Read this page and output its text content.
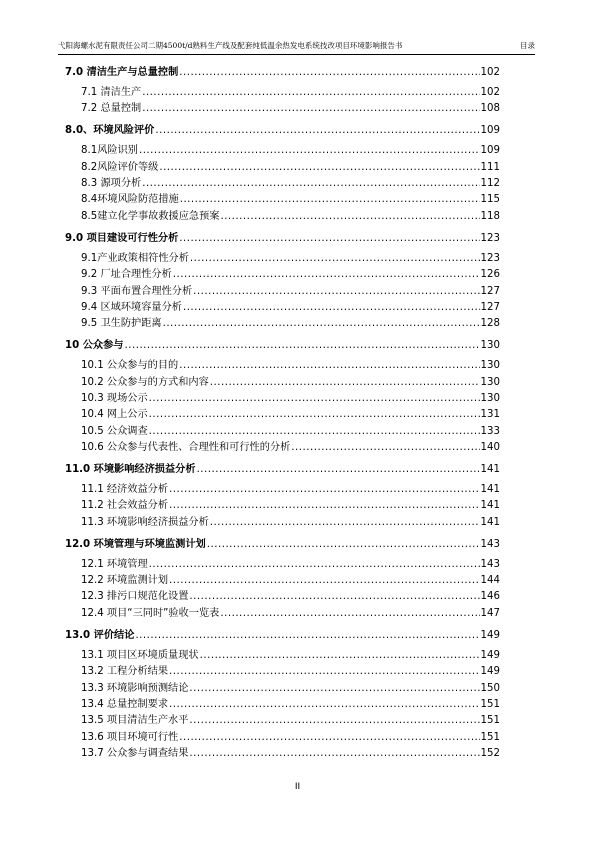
弋阳海螺水泥有限责任公司二期4500t/d熟料生产线及配套纯低温余热发电系统技改项目环境影响报告书	目录
7.0 清洁生产与总量控制 .....	102
7.1 清洁生产 .....	102
7.2 总量控制 .....	108
8.0、环境风险评价 .....	109
8.1风险识别 .....	109
8.2风险评价等级 .....	111
8.3 源项分析 .....	112
8.4环境风险防范措施 .....	115
8.5建立化学事故救援应急预案 .....	118
9.0 项目建设可行性分析 .....	123
9.1产业政策相符性分析 .....	123
9.2 厂址合理性分析 .....	126
9.3 平面布置合理性分析 .....	127
9.4 区域环境容量分析 .....	127
9.5 卫生防护距离 .....	128
10 公众参与 .....	130
10.1 公众参与的目的 .....	130
10.2 公众参与的方式和内容 .....	130
10.3 现场公示 .....	130
10.4 网上公示 .....	131
10.5 公众调查 .....	133
10.6 公众参与代表性、合理性和可行性的分析 .....	140
11.0 环境影响经济损益分析 .....	141
11.1 经济效益分析 .....	141
11.2 社会效益分析 .....	141
11.3 环境影响经济损益分析 .....	141
12.0 环境管理与环境监测计划 .....	143
12.1 环境管理 .....	143
12.2 环境监测计划 .....	144
12.3 排污口规范化设置 .....	146
12.4 项目“三同时”验收一览表 .....	147
13.0 评价结论 .....	149
13.1 项目区环境质量现状 .....	149
13.2 工程分析结果 .....	149
13.3 环境影响预测结论 .....	150
13.4 总量控制要求 .....	151
13.5 项目清洁生产水平 .....	151
13.6 项目环境可行性 .....	151
13.7 公众参与调查结果 .....	152
II
